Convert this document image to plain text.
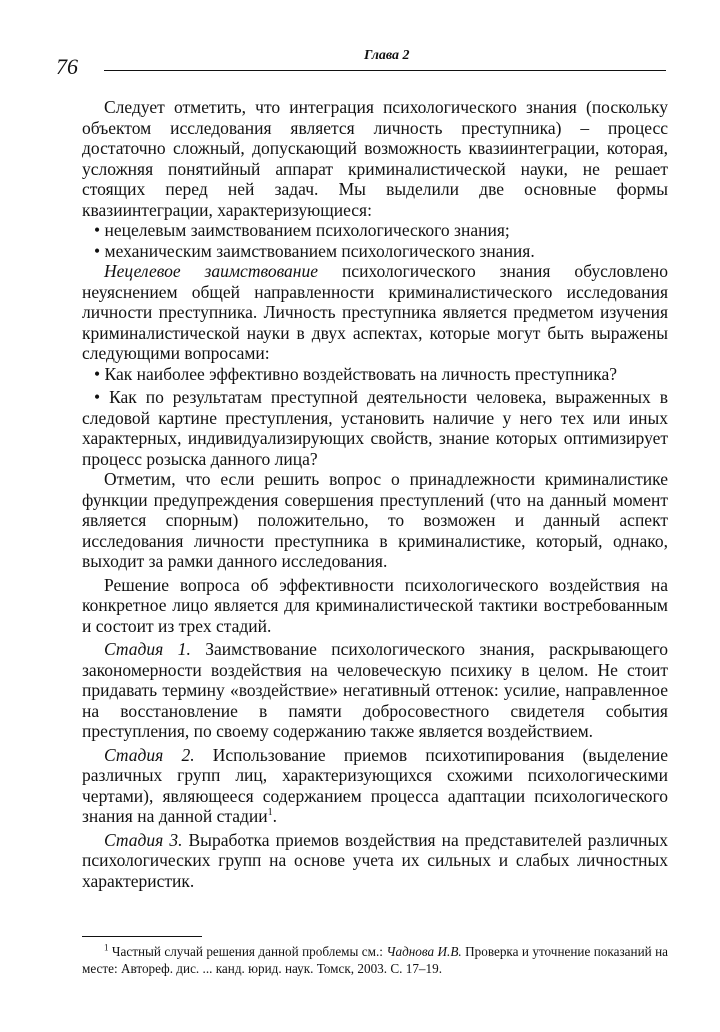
76	Глава 2

Следует отметить, что интеграция психологического знания (поскольку объектом исследования является личность преступника) – процесс достаточно сложный, допускающий возможность квазиинтеграции, которая, усложняя понятийный аппарат криминалистической науки, не решает стоящих перед ней задач. Мы выделили две основные формы квазиинтеграции, характеризующиеся:

• нецелевым заимствованием психологического знания;

• механическим заимствованием психологического знания.

Нецелевое заимствование психологического знания обусловлено неуяснением общей направленности криминалистического исследования личности преступника. Личность преступника является предметом изучения криминалистической науки в двух аспектах, которые могут быть выражены следующими вопросами:

• Как наиболее эффективно воздействовать на личность преступника?

• Как по результатам преступной деятельности человека, выраженных в следовой картине преступления, установить наличие у него тех или иных характерных, индивидуализирующих свойств, знание которых оптимизирует процесс розыска данного лица?

Отметим, что если решить вопрос о принадлежности криминалистике функции предупреждения совершения преступлений (что на данный момент является спорным) положительно, то возможен и данный аспект исследования личности преступника в криминалистике, который, однако, выходит за рамки данного исследования.

Решение вопроса об эффективности психологического воздействия на конкретное лицо является для криминалистической тактики востребованным и состоит из трех стадий.

Стадия 1. Заимствование психологического знания, раскрывающего закономерности воздействия на человеческую психику в целом. Не стоит придавать термину «воздействие» негативный оттенок: усилие, направленное на восстановление в памяти добросовестного свидетеля события преступления, по своему содержанию также является воздействием.

Стадия 2. Использование приемов психотипирования (выделение различных групп лиц, характеризующихся схожими психологическими чертами), являющееся содержанием процесса адаптации психологического знания на данной стадии$^1$.

Стадия 3. Выработка приемов воздействия на представителей различных психологических групп на основе учета их сильных и слабых личностных характеристик.

$^1$ Частный случай решения данной проблемы см.: Чаднова И.В. Проверка и уточнение показаний на месте: Автореф. дис. ... канд. юрид. наук. Томск, 2003. С. 17–19.
